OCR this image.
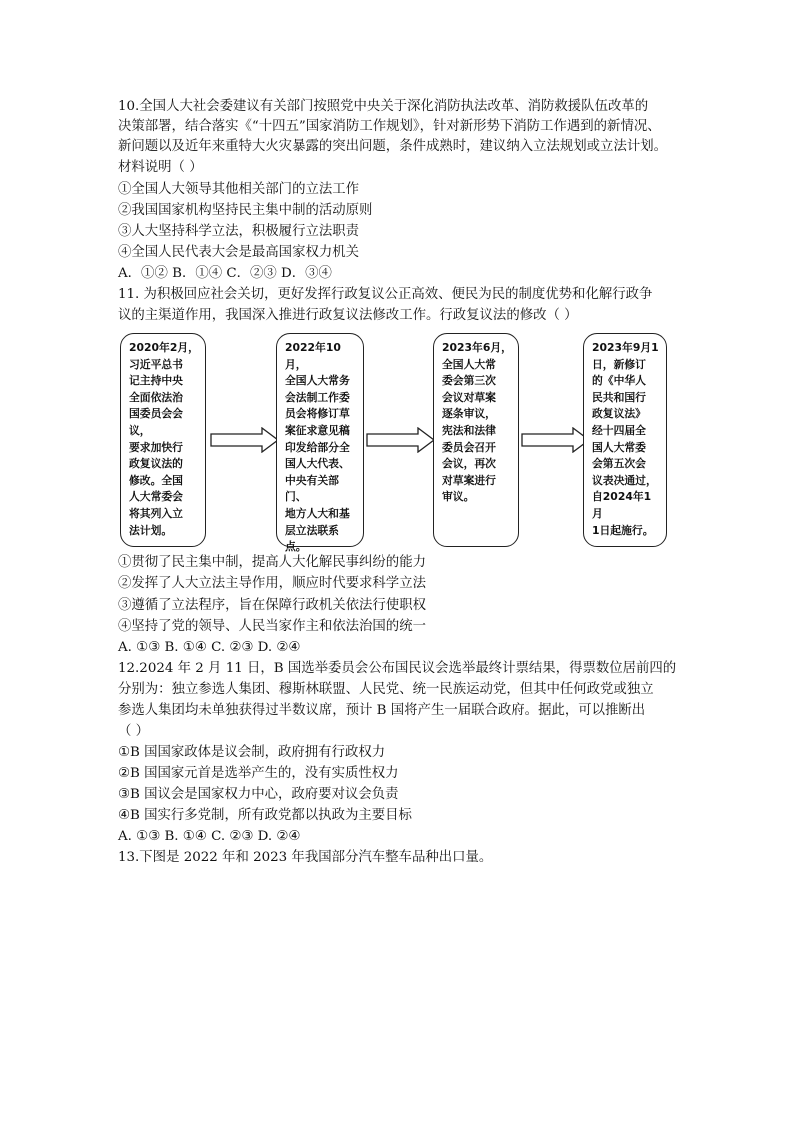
10.全国人大社会委建议有关部门按照党中央关于深化消防执法改革、消防救援队伍改革的
决策部署，结合落实《“十四五”国家消防工作规划》，针对新形势下消防工作遇到的新情况、
新问题以及近年来重特大火灾暴露的突出问题，条件成熟时，建议纳入立法规划或立法计划。
材料说明（ ）
①全国人大领导其他相关部门的立法工作
②我国国家机构坚持民主集中制的活动原则
③人大坚持科学立法，积极履行立法职责
④全国人民代表大会是最高国家权力机关
A．①② B．①④ C．②③ D．③④
11. 为积极回应社会关切，更好发挥行政复议公正高效、便民为民的制度优势和化解行政争
议的主渠道作用，我国深入推进行政复议法修改工作。行政复议法的修改（ ）
2020年2月，
习近平总书
记主持中央
全面依法治
国委员会会议，
要求加快行
政复议法的
修改。全国
人大常委会
将其列入立
法计划。
2022年10月，
全国人大常务
会法制工作委
员会将修订草
案征求意见稿
印发给部分全
国人大代表、
中央有关部门、
地方人大和基
层立法联系点。
2023年6月，
全国人大常
委会第三次
会议对草案
逐条审议，
宪法和法律
委员会召开
会议，再次
对草案进行
审议。
2023年9月1
日，新修订
的《中华人
民共和国行
政复议法》
经十四届全
国人大常委
会第五次会
议表决通过，
自2024年1月
1日起施行。
①贯彻了民主集中制，提高人大化解民事纠纷的能力
②发挥了人大立法主导作用，顺应时代要求科学立法
③遵循了立法程序，旨在保障行政机关依法行使职权
④坚持了党的领导、人民当家作主和依法治国的统一
A. ①③ B. ①④ C. ②③ D. ②④
12.2024 年 2 月 11 日，B 国选举委员会公布国民议会选举最终计票结果，得票数位居前四的
分别为：独立参选人集团、穆斯林联盟、人民党、统一民族运动党，但其中任何政党或独立
参选人集团均未单独获得过半数议席，预计 B 国将产生一届联合政府。据此，可以推断出
（ ）
①B 国国家政体是议会制，政府拥有行政权力
②B 国国家元首是选举产生的，没有实质性权力
③B 国议会是国家权力中心，政府要对议会负责
④B 国实行多党制，所有政党都以执政为主要目标
A. ①③ B. ①④ C. ②③ D. ②④
13.下图是 2022 年和 2023 年我国部分汽车整车品种出口量。
